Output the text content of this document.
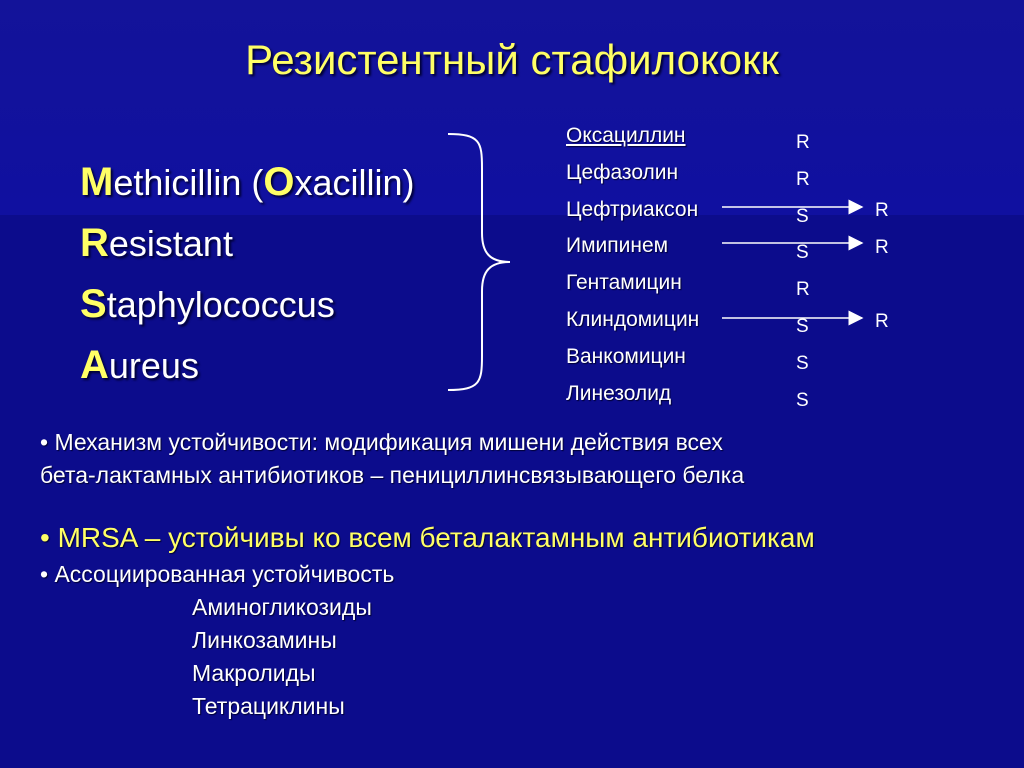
Резистентный стафилококк
Methicillin (Oxacillin)
Resistant
Staphylococcus
Aureus
Оксациллин
Цефазолин
Цефтриаксон
Имипинем
Гентамицин
Клиндомицин
Ванкомицин
Линезолид
R
R
S
S
R
S
S
S
R
R
R

• Механизм устойчивости: модификация мишени действия всех

бета-лактамных антибиотиков – пенициллинсвязывающего белка

• MRSA – устойчивы ко всем беталактамным антибиотикам

• Ассоциированная устойчивость

Аминогликозиды

Линкозамины

Макролиды

Тетрациклины
